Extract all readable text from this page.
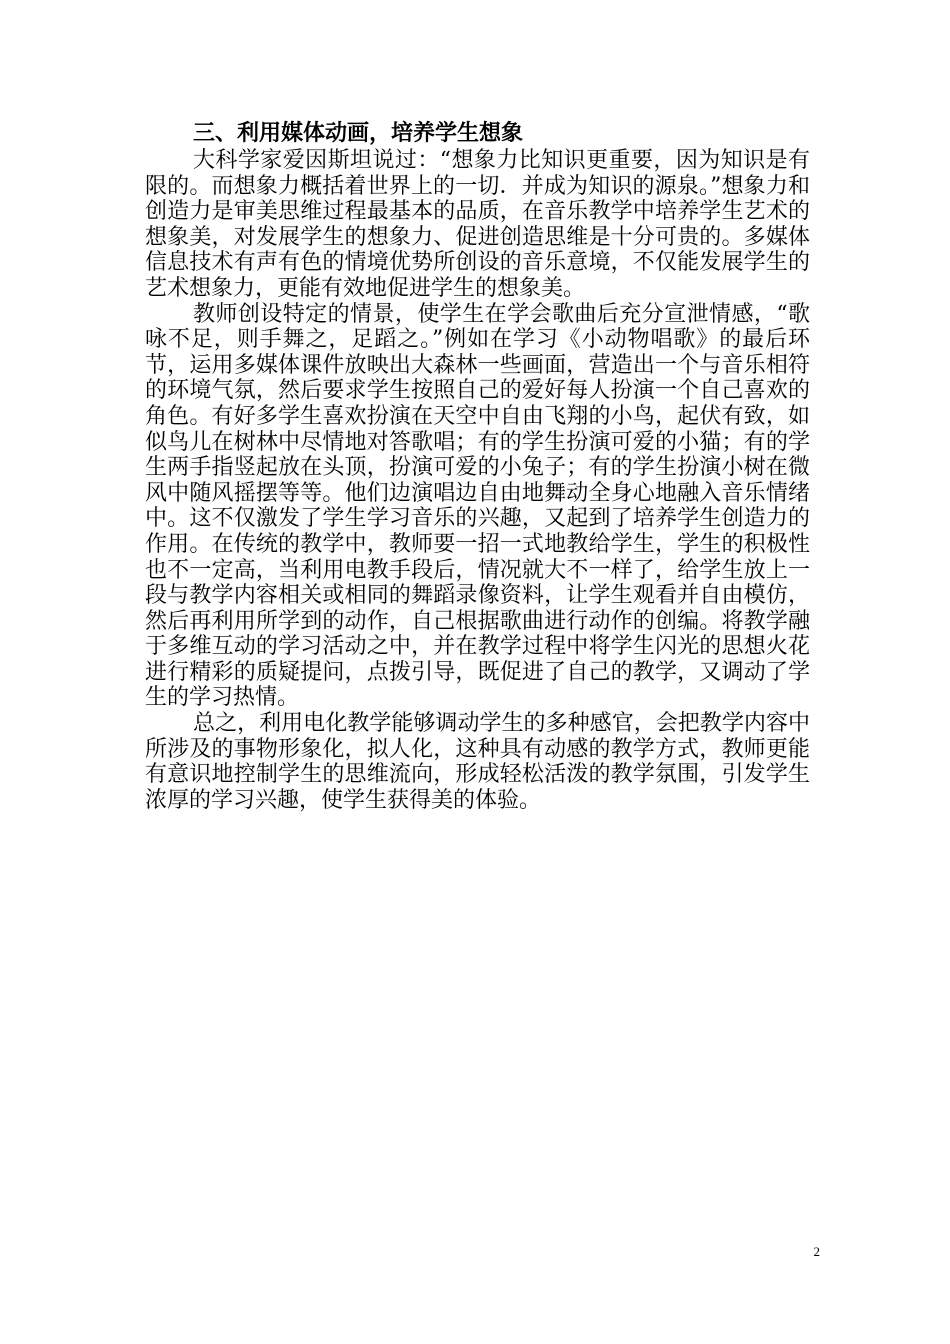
三、利用媒体动画，培养学生想象

大科学家爱因斯坦说过：“想象力比知识更重要，因为知识是有限的。而想象力概括着世界上的一切．并成为知识的源泉。”想象力和创造力是审美思维过程最基本的品质，在音乐教学中培养学生艺术的想象美，对发展学生的想象力、促进创造思维是十分可贵的。多媒体信息技术有声有色的情境优势所创设的音乐意境，不仅能发展学生的艺术想象力，更能有效地促进学生的想象美。

教师创设特定的情景，使学生在学会歌曲后充分宣泄情感，“歌咏不足，则手舞之，足蹈之。”例如在学习《小动物唱歌》的最后环节，运用多媒体课件放映出大森林一些画面，营造出一个与音乐相符的环境气氛，然后要求学生按照自己的爱好每人扮演一个自己喜欢的角色。有好多学生喜欢扮演在天空中自由飞翔的小鸟，起伏有致，如似鸟儿在树林中尽情地对答歌唱；有的学生扮演可爱的小猫；有的学生两手指竖起放在头顶，扮演可爱的小兔子；有的学生扮演小树在微风中随风摇摆等等。他们边演唱边自由地舞动全身心地融入音乐情绪中。这不仅激发了学生学习音乐的兴趣，又起到了培养学生创造力的作用。在传统的教学中，教师要一招一式地教给学生，学生的积极性也不一定高，当利用电教手段后，情况就大不一样了，给学生放上一段与教学内容相关或相同的舞蹈录像资料，让学生观看并自由模仿，然后再利用所学到的动作，自己根据歌曲进行动作的创编。将教学融于多维互动的学习活动之中，并在教学过程中将学生闪光的思想火花进行精彩的质疑提问，点拨引导，既促进了自己的教学，又调动了学生的学习热情。

总之，利用电化教学能够调动学生的多种感官，会把教学内容中所涉及的事物形象化，拟人化，这种具有动感的教学方式，教师更能有意识地控制学生的思维流向，形成轻松活泼的教学氛围，引发学生浓厚的学习兴趣，使学生获得美的体验。

2
